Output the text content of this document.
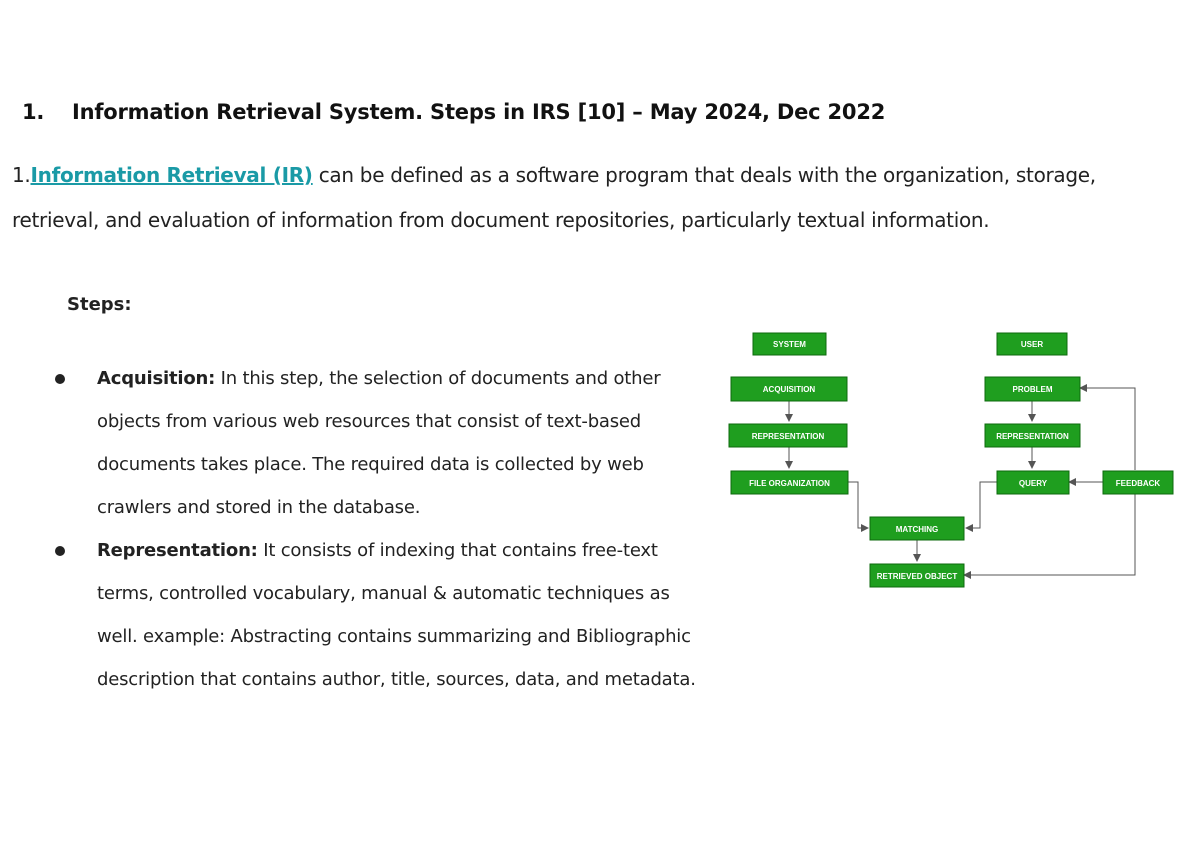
1. Information Retrieval System. Steps in IRS [10] – May 2024, Dec 2022
1.Information Retrieval (IR) can be defined as a software program that deals with the organization, storage, retrieval, and evaluation of information from document repositories, particularly textual information.
Steps:
Acquisition: In this step, the selection of documents and other objects from various web resources that consist of text-based documents takes place. The required data is collected by web crawlers and stored in the database.
Representation: It consists of indexing that contains free-text terms, controlled vocabulary, manual & automatic techniques as well. example: Abstracting contains summarizing and Bibliographic description that contains author, title, sources, data, and metadata.
SYSTEM	USER
ACQUISITION	PROBLEM
REPRESENTATION	REPRESENTATION
FILE ORGANIZATION	QUERY	FEEDBACK
MATCHING
RETRIEVED OBJECT
